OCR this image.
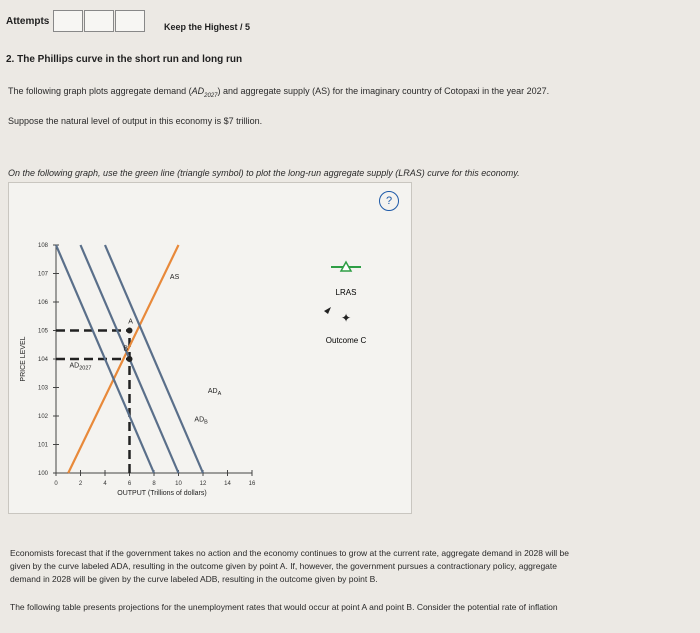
Attempts
Keep the Highest / 5
2. The Phillips curve in the short run and long run
The following graph plots aggregate demand $(AD_{2027})$ and aggregate supply (AS) for the imaginary country of Cotopaxi in the year 2027.
Suppose the natural level of output in this economy is $7 trillion.
On the following graph, use the green line (triangle symbol) to plot the long-run aggregate supply (LRAS) curve for this economy.
100
101
102
103
104
105
106
107
108
0	2	4	6	8	10	12	14	16
OUTPUT (Trillions of dollars)
PRICE LEVEL
AS
$AD_{2027}$
$AD_A$
$AD_B$
A
B
LRAS
✦
Outcome C
?
Economists forecast that if the government takes no action and the economy continues to grow at the current rate, aggregate demand in 2028 will be
given by the curve labeled ADA, resulting in the outcome given by point A. If, however, the government pursues a contractionary policy, aggregate
demand in 2028 will be given by the curve labeled ADB, resulting in the outcome given by point B.
The following table presents projections for the unemployment rates that would occur at point A and point B. Consider the potential rate of inflation
